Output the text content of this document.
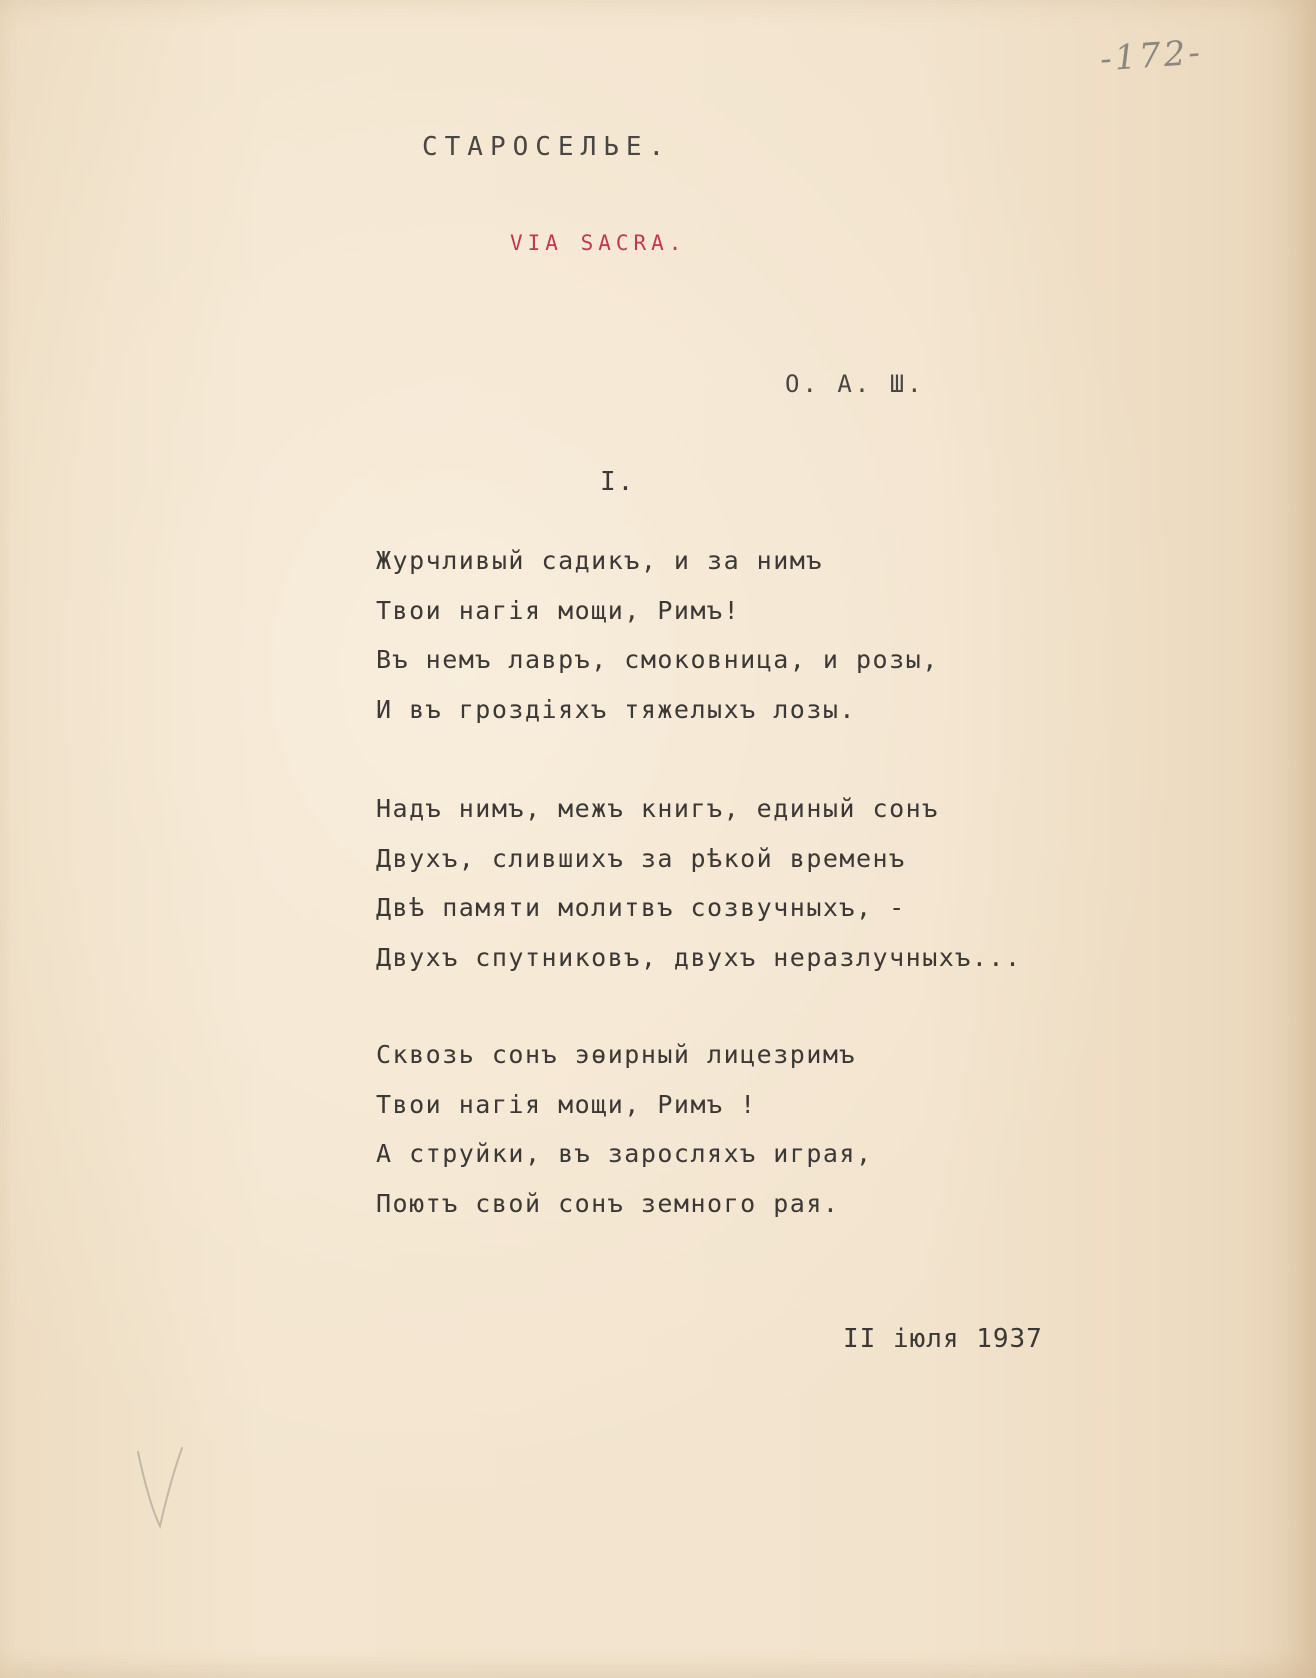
-172-
СТАРОСЕЛЬЕ.
VIA SACRA.
О. А. Ш.
I.
Журчливый садикъ, и за нимъ
Твои нагія мощи, Римъ!
Въ немъ лавръ, смоковница, и розы,
И въ гроздіяхъ тяжелыхъ лозы.
Надъ нимъ, межъ книгъ, единый сонъ
Двухъ, слившихъ за рѣкой временъ
Двѣ памяти молитвъ созвучныхъ, -
Двухъ спутниковъ, двухъ неразлучныхъ...
Сквозь сонъ эѳирный лицезримъ
Твои нагія мощи, Римъ !
А струйки, въ заросляхъ играя,
Поютъ свой сонъ земного рая.
II іюля 1937
